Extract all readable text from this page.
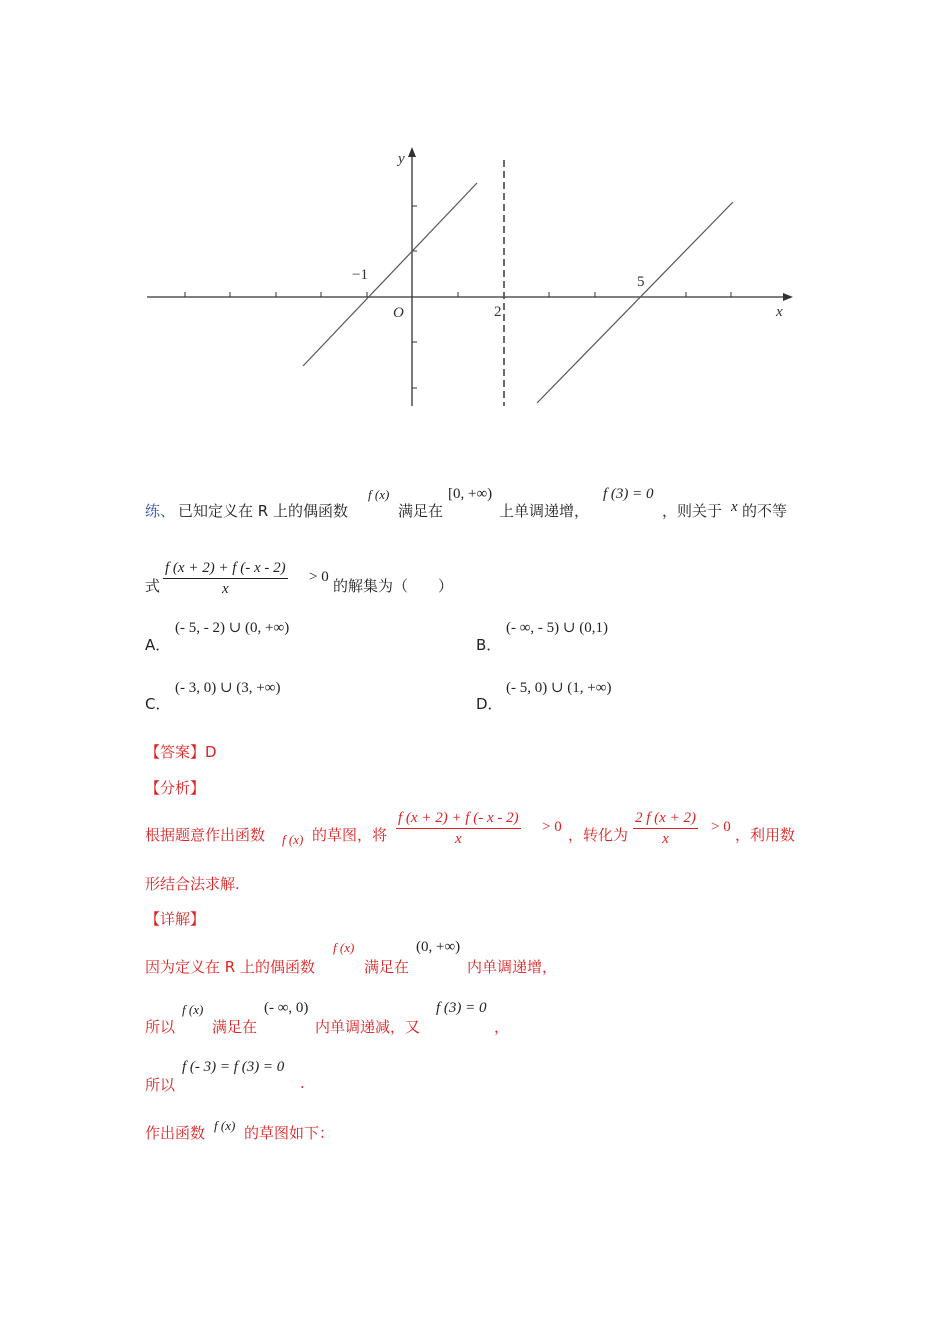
y
x
O
−1
2
5
练、 已知定义在 R 上的偶函数
f (x)
满足在
[0, +∞)
上单调递增，
f (3) = 0
，则关于 x 的不等
式 $\frac{f (x + 2) + f (- x - 2)}{x} > 0$ 的解集为（　　）
A．
(- 5, - 2) ∪ (0, +∞)
B．
(- ∞, - 5) ∪ (0,1)
C．
(- 3, 0) ∪ (3, +∞)
D．
(- 5, 0) ∪ (1, +∞)
【答案】D
【分析】
根据题意作出函数 f (x) 的草图，将 $\frac{f (x + 2) + f (- x - 2)}{x} > 0$ ，转化为 $\frac{2 f (x + 2)}{x} > 0$ ，利用数
形结合法求解.
【详解】
因为定义在 R 上的偶函数
f (x)
满足在
(0, +∞)
内单调递增，
所以
f (x)
满足在
(- ∞, 0)
内单调递减，又
f (3) = 0
，
所以
f (- 3) = f (3) = 0
.
作出函数 f (x) 的草图如下：
